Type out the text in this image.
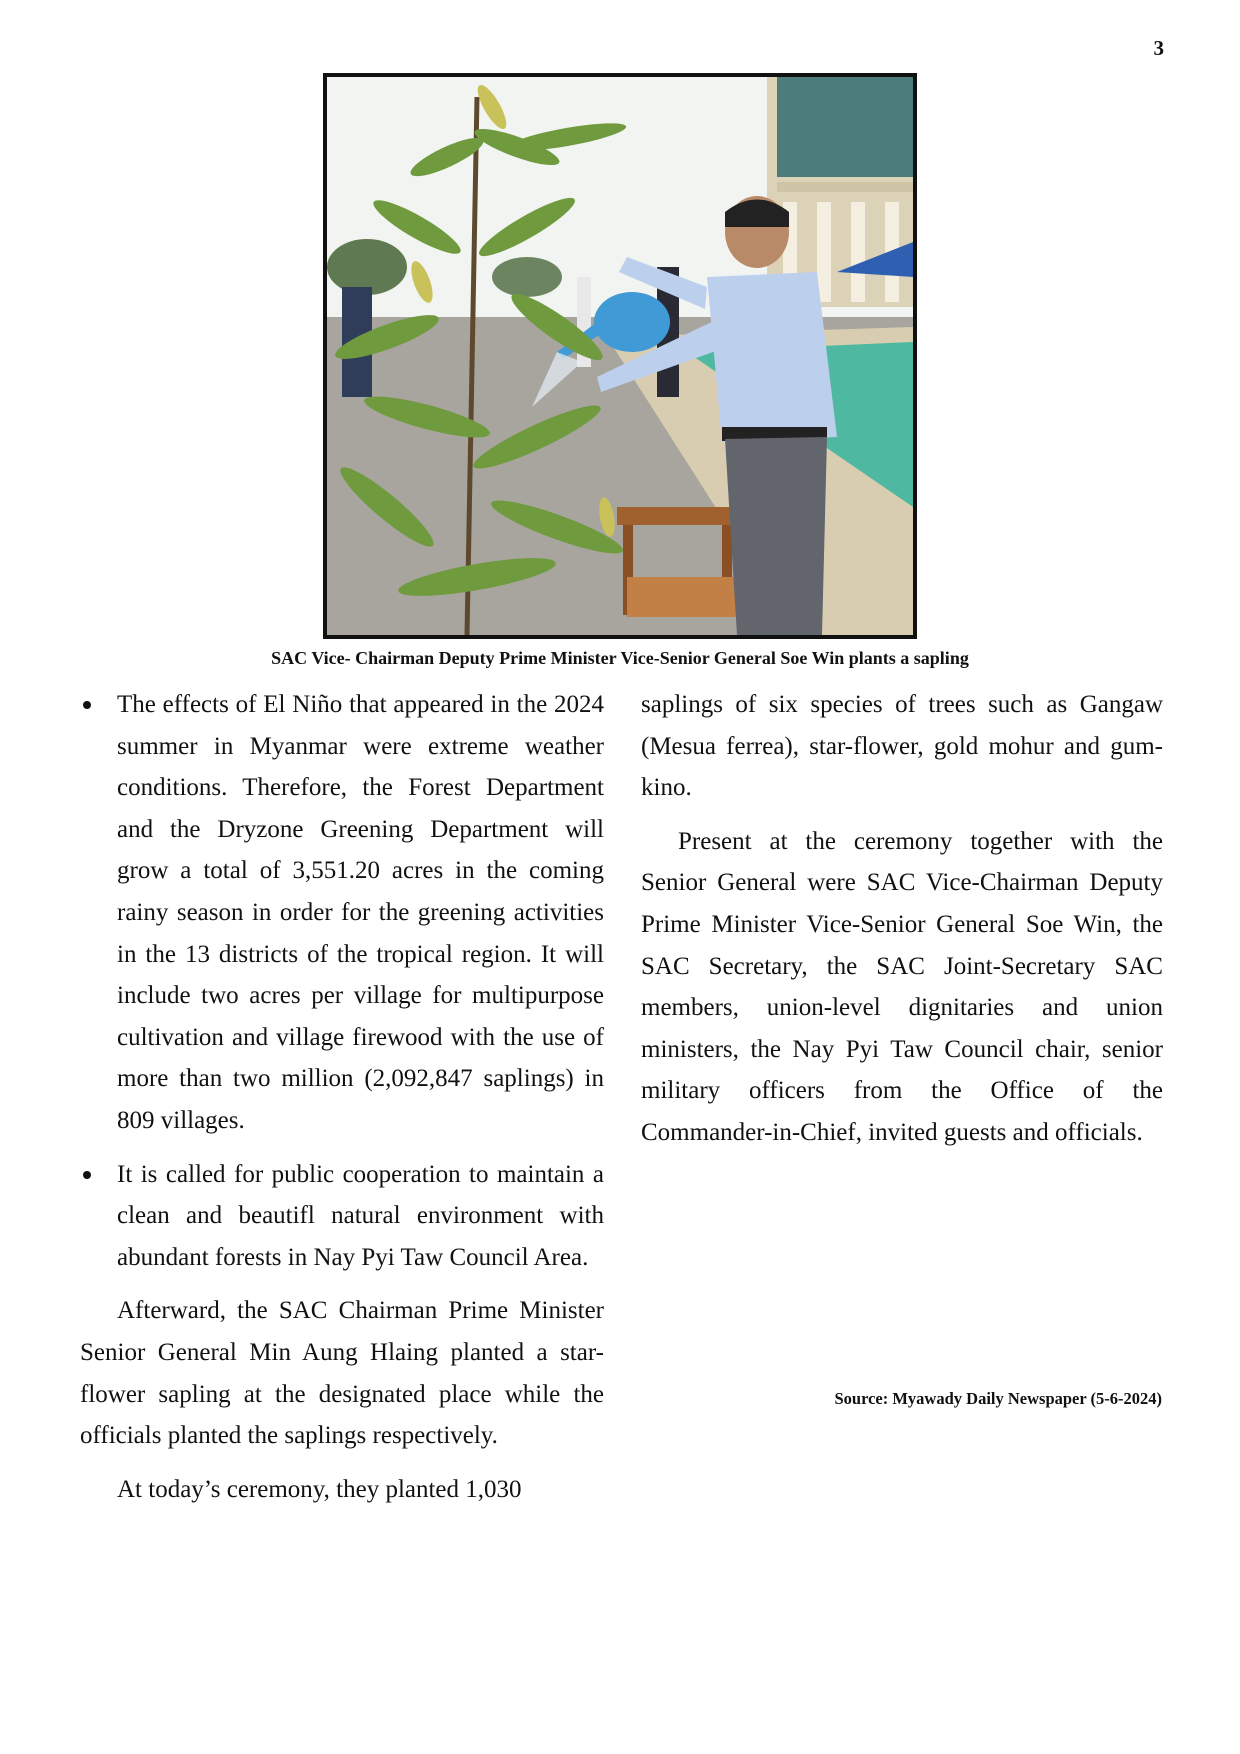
3
SAC Vice- Chairman Deputy Prime Minister Vice-Senior General Soe Win plants a sapling
The effects of El Niño that appeared in the 2024 summer in Myanmar were extreme weather conditions. Therefore, the Forest Department and the Dryzone Greening Department will grow a total of 3,551.20 acres in the coming rainy season in order for the greening activities in the 13 districts of the tropical region. It will include two acres per village for multipurpose cultivation and village firewood with the use of more than two million (2,092,847 saplings) in 809 villages.
It is called for public cooperation to maintain a clean and beautifl natural environment with abundant forests in Nay Pyi Taw Council Area.

Afterward, the SAC Chairman Prime Minister Senior General Min Aung Hlaing planted a star-flower sapling at the designated place while the officials planted the saplings respectively.

At today’s ceremony, they planted 1,030

saplings of six species of trees such as Gangaw (Mesua ferrea), star-flower, gold mohur and gum-kino.

Present at the ceremony together with the Senior General were SAC Vice-Chairman Deputy Prime Minister Vice-Senior General Soe Win, the SAC Secretary, the SAC Joint-Secretary SAC members, union-level dignitaries and union ministers, the Nay Pyi Taw Council chair, senior military officers from the Office of the Commander-in-Chief, invited guests and officials.

Source: Myawady Daily Newspaper (5-6-2024)
